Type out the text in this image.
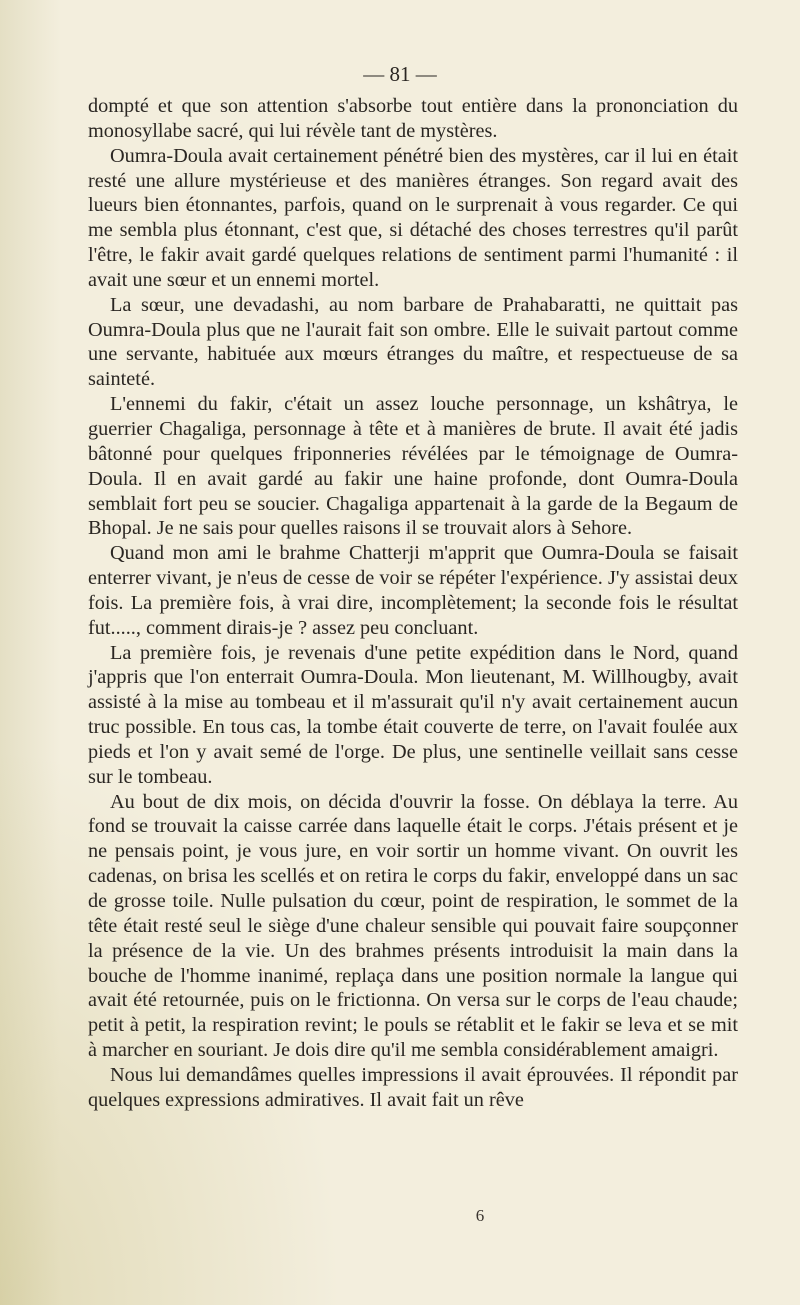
— 81 —

dompté et que son attention s'absorbe tout entière dans la prononciation du monosyllabe sacré, qui lui révèle tant de mystères.

Oumra-Doula avait certainement pénétré bien des mystères, car il lui en était resté une allure mystérieuse et des manières étranges. Son regard avait des lueurs bien étonnantes, parfois, quand on le surprenait à vous regarder. Ce qui me sembla plus étonnant, c'est que, si détaché des choses terrestres qu'il parût l'être, le fakir avait gardé quelques relations de sentiment parmi l'humanité : il avait une sœur et un ennemi mortel.

La sœur, une devadashi, au nom barbare de Prahabaratti, ne quittait pas Oumra-Doula plus que ne l'aurait fait son ombre. Elle le suivait partout comme une servante, habituée aux mœurs étranges du maître, et respectueuse de sa sainteté.

L'ennemi du fakir, c'était un assez louche personnage, un kshâtrya, le guerrier Chagaliga, personnage à tête et à manières de brute. Il avait été jadis bâtonné pour quelques friponneries révélées par le témoignage de Oumra-Doula. Il en avait gardé au fakir une haine profonde, dont Oumra-Doula semblait fort peu se soucier. Chagaliga appartenait à la garde de la Begaum de Bhopal. Je ne sais pour quelles raisons il se trouvait alors à Sehore.

Quand mon ami le brahme Chatterji m'apprit que Oumra-Doula se faisait enterrer vivant, je n'eus de cesse de voir se répéter l'expérience. J'y assistai deux fois. La première fois, à vrai dire, incomplètement; la seconde fois le résultat fut....., comment dirais-je ? assez peu concluant.

La première fois, je revenais d'une petite expédition dans le Nord, quand j'appris que l'on enterrait Oumra-Doula. Mon lieutenant, M. Willhougby, avait assisté à la mise au tombeau et il m'assurait qu'il n'y avait certainement aucun truc possible. En tous cas, la tombe était couverte de terre, on l'avait foulée aux pieds et l'on y avait semé de l'orge. De plus, une sentinelle veillait sans cesse sur le tombeau.

Au bout de dix mois, on décida d'ouvrir la fosse. On déblaya la terre. Au fond se trouvait la caisse carrée dans laquelle était le corps. J'étais présent et je ne pensais point, je vous jure, en voir sortir un homme vivant. On ouvrit les cadenas, on brisa les scellés et on retira le corps du fakir, enveloppé dans un sac de grosse toile. Nulle pulsation du cœur, point de respiration, le sommet de la tête était resté seul le siège d'une chaleur sensible qui pouvait faire soupçonner la présence de la vie. Un des brahmes présents introduisit la main dans la bouche de l'homme inanimé, replaça dans une position normale la langue qui avait été retournée, puis on le frictionna. On versa sur le corps de l'eau chaude; petit à petit, la respiration revint; le pouls se rétablit et le fakir se leva et se mit à marcher en souriant. Je dois dire qu'il me sembla considérablement amaigri.

Nous lui demandâmes quelles impressions il avait éprouvées. Il répondit par quelques expressions admiratives. Il avait fait un rêve

6
